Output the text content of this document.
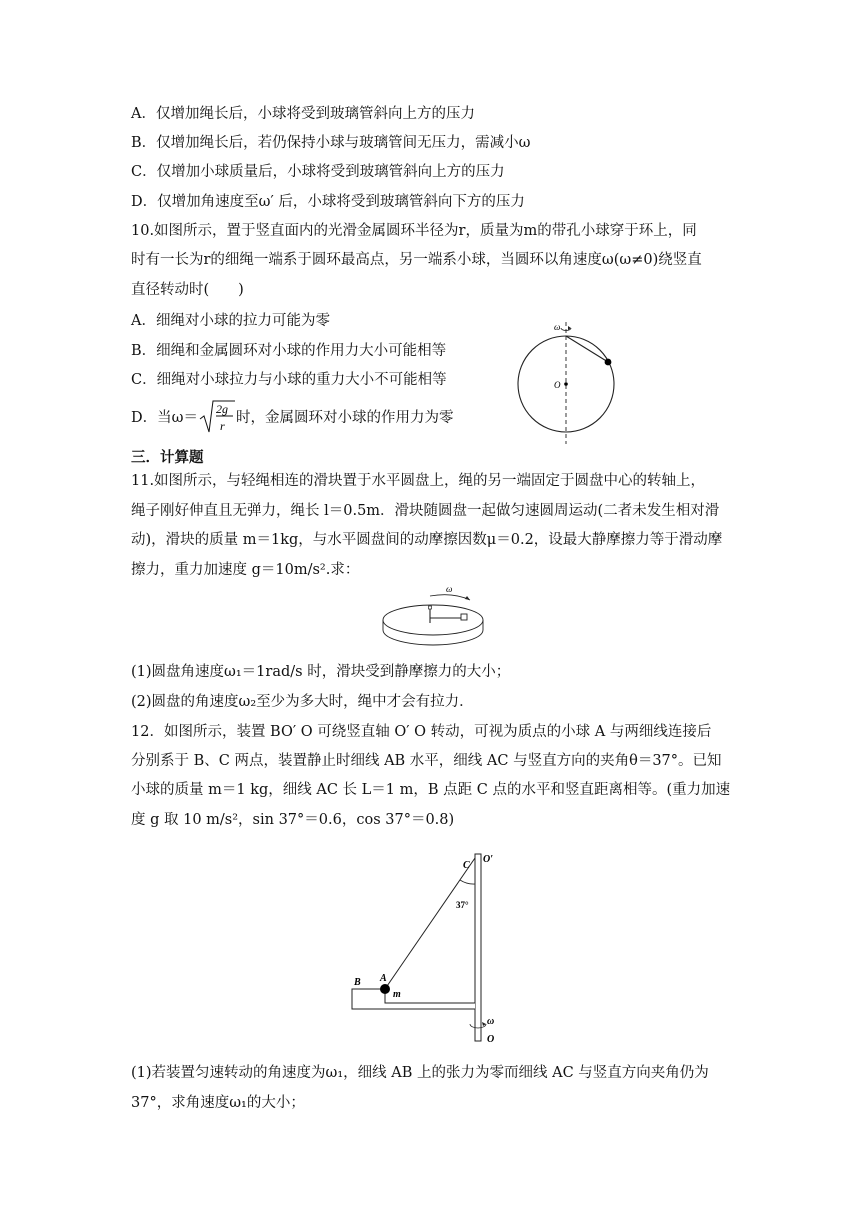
A．仅增加绳长后，小球将受到玻璃管斜向上方的压力
B．仅增加绳长后，若仍保持小球与玻璃管间无压力，需减小ω
C．仅增加小球质量后，小球将受到玻璃管斜向上方的压力
D．仅增加角速度至ω′ 后，小球将受到玻璃管斜向下方的压力
10.如图所示，置于竖直面内的光滑金属圆环半径为r，质量为m的带孔小球穿于环上，同
时有一长为r的细绳一端系于圆环最高点，另一端系小球，当圆环以角速度ω(ω≠0)绕竖直
直径转动时(　　)
A．细绳对小球的拉力可能为零
B．细绳和金属圆环对小球的作用力大小可能相等
C．细绳对小球拉力与小球的重力大小不可能相等
D．当ω＝
2g
r 时，金属圆环对小球的作用力为零
ω
O
三．计算题
11.如图所示，与轻绳相连的滑块置于水平圆盘上，绳的另一端固定于圆盘中心的转轴上，
绳子刚好伸直且无弹力，绳长 l＝0.5m．滑块随圆盘一起做匀速圆周运动(二者未发生相对滑
动)，滑块的质量 m＝1kg，与水平圆盘间的动摩擦因数μ＝0.2，设最大静摩擦力等于滑动摩
擦力，重力加速度 g＝10m/s².求：
ω
(1)圆盘角速度ω₁＝1rad/s 时，滑块受到静摩擦力的大小；
(2)圆盘的角速度ω₂至少为多大时，绳中才会有拉力．
12．如图所示，装置 BO′ O 可绕竖直轴 O′ O 转动，可视为质点的小球 A 与两细线连接后
分别系于 B、C 两点，装置静止时细线 AB 水平，细线 AC 与竖直方向的夹角θ＝37°。已知
小球的质量 m＝1 kg，细线 AC 长 L＝1 m，B 点距 C 点的水平和竖直距离相等。(重力加速
度 g 取 10 m/s²，sin 37°＝0.6，cos 37°＝0.8)
C
O′
37°
B A
m
ω
O
(1)若装置匀速转动的角速度为ω₁，细线 AB 上的张力为零而细线 AC 与竖直方向夹角仍为
37°，求角速度ω₁的大小；
